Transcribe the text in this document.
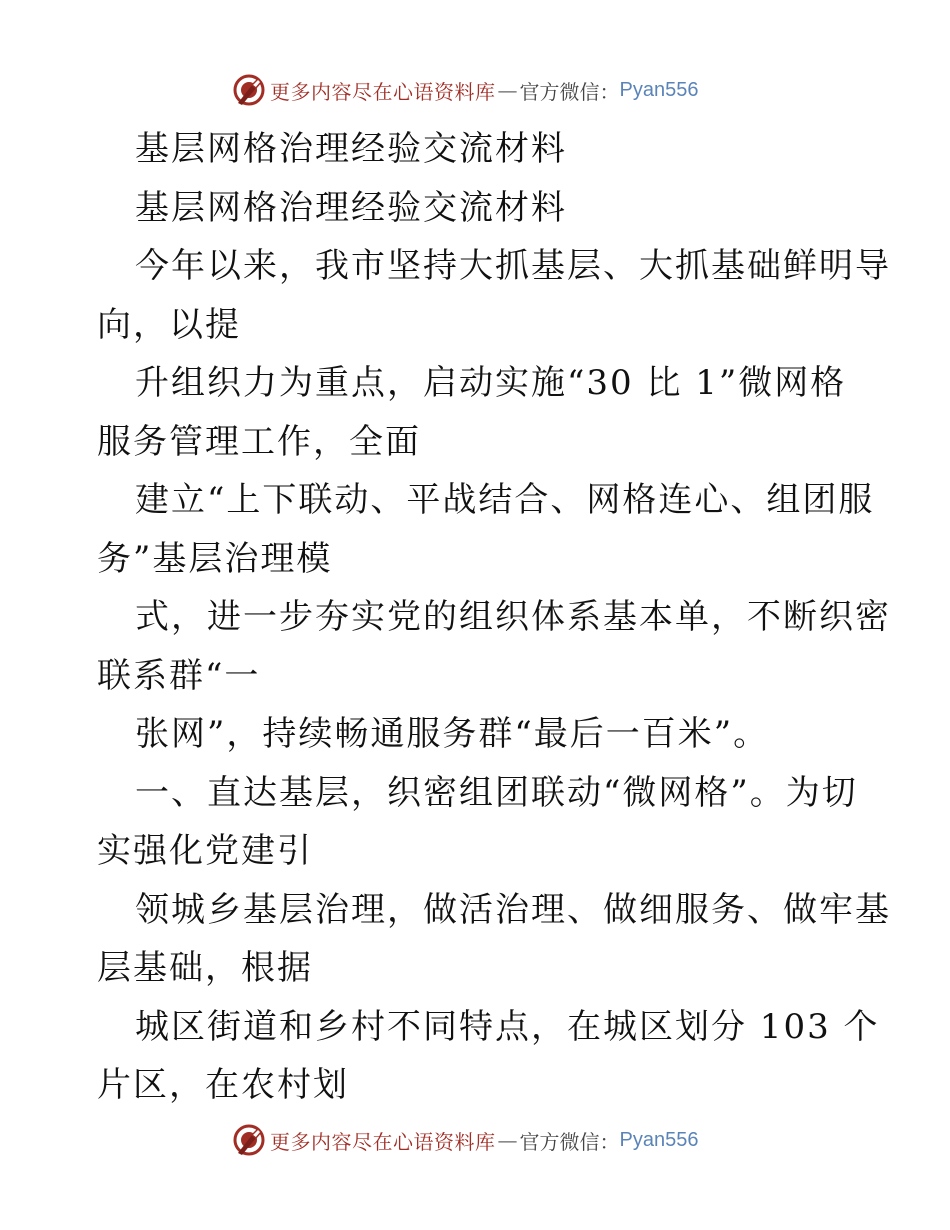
更多内容尽在心语资料库 — 官方微信： Pyan556
基层网格治理经验交流材料
基层网格治理经验交流材料
今年以来，我市坚持大抓基层、大抓基础鲜明导
向，以提
升组织力为重点，启动实施“30 比 1”微网格
服务管理工作，全面
建立“上下联动、平战结合、网格连心、组团服
务”基层治理模
式，进一步夯实党的组织体系基本单，不断织密
联系群“一
张网”，持续畅通服务群“最后一百米”。
一、直达基层，织密组团联动“微网格”。为切
实强化党建引
领城乡基层治理，做活治理、做细服务、做牢基
层基础，根据
城区街道和乡村不同特点，在城区划分 103 个
片区，在农村划
更多内容尽在心语资料库 — 官方微信： Pyan556
